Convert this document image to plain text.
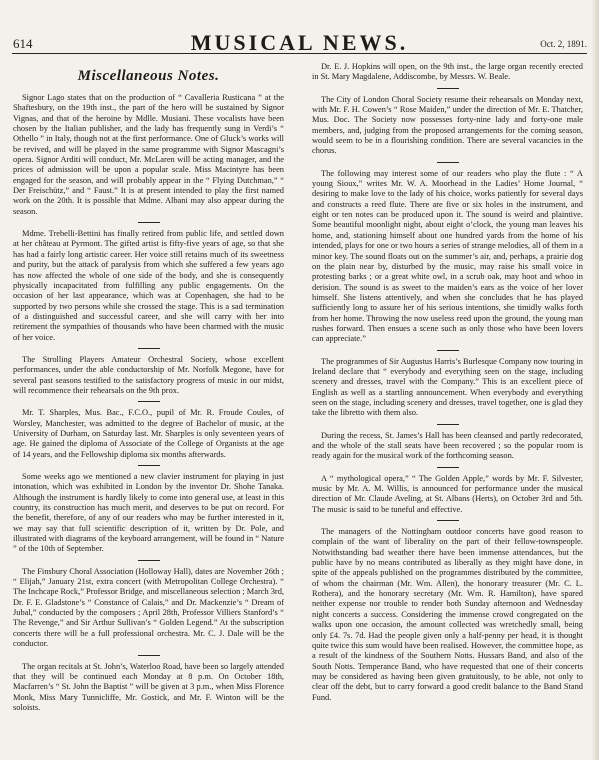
614	MUSICAL NEWS.	Oct. 2, 1891.
Miscellaneous Notes.

Signor Lago states that on the production of “ Cavalleria Rusticana ” at the Shaftesbury, on the 19th inst., the part of the hero will be sustained by Signor Vignas, and that of the heroine by Mdlle. Musiani. These vocalists have been chosen by the Italian publisher, and the lady has frequently sung in Verdi’s “ Othello ” in Italy, though not at the first performance. One of Gluck’s works will be revived, and will be played in the same programme with Signor Mascagni’s opera. Signor Arditi will conduct, Mr. McLaren will be acting manager, and the prices of admission will be upon a popular scale. Miss Macintyre has been engaged for the season, and will probably appear in the “ Flying Dutchman,” “ Der Freischütz,” and “ Faust.” It is at present intended to play the first named work on the 20th. It is possible that Mdme. Albani may also appear during the season.

Mdme. Trebelli-Bettini has finally retired from public life, and settled down at her château at Pyrmont. The gifted artist is fifty-five years of age, so that she has had a fairly long artistic career. Her voice still retains much of its sweetness and purity, but the attack of paralysis from which she suffered a few years ago has now affected the whole of one side of the body, and she is consequently physically incapacitated from fulfilling any public engagements. On the occasion of her last appearance, which was at Copenhagen, she had to be supported by two persons while she crossed the stage. This is a sad termination of a distinguished and successful career, and she will carry with her into retirement the sympathies of thousands who have been charmed with the music of her voice.

The Strolling Players Amateur Orchestral Society, whose excellent performances, under the able conductorship of Mr. Norfolk Megone, have for several past seasons testified to the satisfactory progress of music in our midst, will recommence their rehearsals on the 9th prox.

Mr. T. Sharples, Mus. Bac., F.C.O., pupil of Mr. R. Froude Coules, of Worsley, Manchester, was admitted to the degree of Bachelor of music, at the University of Durham, on Saturday last. Mr. Sharples is only seventeen years of age. He gained the diploma of Associate of the College of Organists at the age of 14 years, and the Fellowship diploma six months afterwards.

Some weeks ago we mentioned a new clavier instrument for playing in just intonation, which was exhibited in London by the inventor Dr. Shohe Tanaka. Although the instrument is hardly likely to come into general use, at least in this country, its construction has much merit, and deserves to be put on record. For the benefit, therefore, of any of our readers who may be further interested in it, we may say that full scientific description of it, written by Dr. Pole, and illustrated with diagrams of the keyboard arrangement, will be found in “ Nature ” of the 10th of September.

The Finsbury Choral Association (Holloway Hall), dates are November 26th ; “ Elijah,” January 21st, extra concert (with Metropolitan College Orchestra). “ The Inchcape Rock,” Professor Bridge, and miscellaneous selection ; March 3rd, Dr. F. E. Gladstone’s “ Constance of Calais,” and Dr. Mackenzie’s “ Dream of Jubal,” conducted by the composers ; April 28th, Professor Villiers Stanford’s “ The Revenge,” and Sir Arthur Sullivan’s “ Golden Legend.” At the subscription concerts there will be a full professional orchestra. Mr. C. J. Dale will be the conductor.

The organ recitals at St. John’s, Waterloo Road, have been so largely attended that they will be continued each Monday at 8 p.m. On October 18th, Macfarren’s “ St. John the Baptist ” will be given at 3 p.m., when Miss Florence Monk, Miss Mary Tunnicliffe, Mr. Gostick, and Mr. F. Winton will be the soloists.

Dr. E. J. Hopkins will open, on the 9th inst., the large organ recently erected in St. Mary Magdalene, Addiscombe, by Messrs. W. Beale.

The City of London Choral Society resume their rehearsals on Monday next, with Mr. F. H. Cowen’s “ Rose Maiden,” under the direction of Mr. E. Thatcher, Mus. Doc. The Society now possesses forty-nine lady and forty-one male members, and, judging from the proposed arrangements for the coming season, would seem to be in a flourishing condition. There are several vacancies in the chorus.

The following may interest some of our readers who play the flute : “ A young Sioux,” writes Mr. W. A. Moorhead in the Ladies’ Home Journal, “ desiring to make love to the lady of his choice, works patiently for several days and constructs a reed flute. There are five or six holes in the instrument, and eight or ten notes can be produced upon it. The sound is weird and plaintive. Some beautiful moonlight night, about eight o’clock, the young man leaves his home, and, stationing himself about one hundred yards from the home of his intended, plays for one or two hours a series of strange melodies, all of them in a minor key. The sound floats out on the summer’s air, and, perhaps, a prairie dog on the plain near by, disturbed by the music, may raise his small voice in protesting barks ; or a great white owl, in a scrub oak, may hoot and whoo in derision. The sound is as sweet to the maiden’s ears as the voice of her lover himself. She listens attentively, and when she concludes that he has played sufficiently long to assure her of his serious intentions, she timidly walks forth from her home. Throwing the now useless reed upon the ground, the young man rushes forward. Then ensues a scene such as only those who have been lovers can appreciate.”

The programmes of Sir Augustus Harris’s Burlesque Company now touring in Ireland declare that “ everybody and everything seen on the stage, including scenery and dresses, travel with the Company.” This is an excellent piece of English as well as a startling announcement. When everybody and everything seen on the stage, including scenery and dresses, travel together, one is glad they take the libretto with them also.

During the recess, St. James’s Hall has been cleansed and partly redecorated, and the whole of the stall seats have been recovered ; so the popular room is ready again for the musical work of the forthcoming season.

A “ mythological opera,” “ The Golden Apple,” words by Mr. F. Silvester, music by Mr. A. M. Willis, is announced for performance under the musical direction of Mr. Claude Aveling, at St. Albans (Herts), on October 3rd and 5th. The music is said to be tuneful and effective.

The managers of the Nottingham outdoor concerts have good reason to complain of the want of liberality on the part of their fellow-townspeople. Notwithstanding bad weather there have been immense attendances, but the public have by no means contributed as liberally as they might have done, in spite of the appeals published on the programmes distributed by the committee, of whom the chairman (Mr. Wm. Allen), the honorary treasurer (Mr. C. L. Rothera), and the honorary secretary (Mr. Wm. R. Hamilton), have spared neither expense nor trouble to render both Sunday afternoon and Wednesday night concerts a success. Considering the immense crowd congregated on the walks upon one occasion, the amount collected was wretchedly small, being only £4. 7s. 7d. Had the people given only a half-penny per head, it is thought quite twice this sum would have been realised. However, the committee hope, as a result of the kindness of the Southern Notts. Hussars Band, and also of the South Notts. Temperance Band, who have requested that one of their concerts may be considered as having been given gratuitously, to be able, not only to clear off the debt, but to carry forward a good credit balance to the Band Stand Fund.
